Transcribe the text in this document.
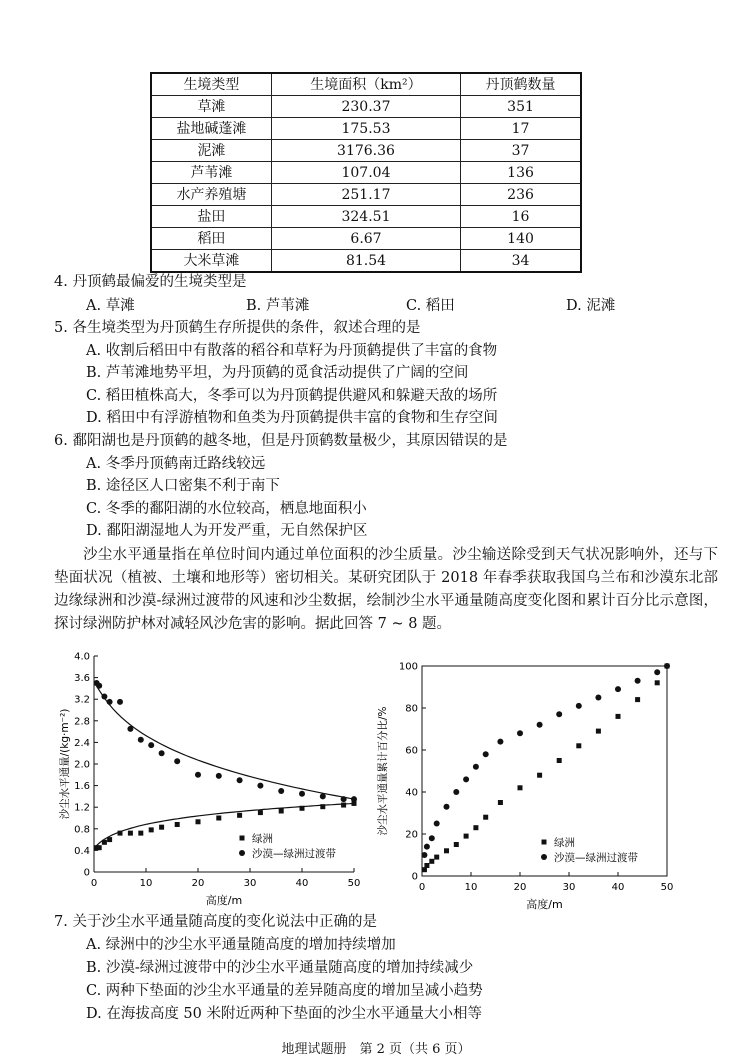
生境类型	生境面积（km²）	丹顶鹤数量
草滩	230.37	351
盐地碱蓬滩	175.53	17
泥滩	3176.36	37
芦苇滩	107.04	136
水产养殖塘	251.17	236
盐田	324.51	16
稻田	6.67	140
大米草滩	81.54	34
4. 丹顶鹤最偏爱的生境类型是
A. 草滩	B. 芦苇滩	C. 稻田	D. 泥滩
5. 各生境类型为丹顶鹤生存所提供的条件，叙述合理的是
A. 收割后稻田中有散落的稻谷和草籽为丹顶鹤提供了丰富的食物
B. 芦苇滩地势平坦，为丹顶鹤的觅食活动提供了广阔的空间
C. 稻田植株高大，冬季可以为丹顶鹤提供避风和躲避天敌的场所
D. 稻田中有浮游植物和鱼类为丹顶鹤提供丰富的食物和生存空间
6. 鄱阳湖也是丹顶鹤的越冬地，但是丹顶鹤数量极少，其原因错误的是
A. 冬季丹顶鹤南迁路线较远
B. 途径区人口密集不利于南下
C. 冬季的鄱阳湖的水位较高，栖息地面积小
D. 鄱阳湖湿地人为开发严重，无自然保护区
沙尘水平通量指在单位时间内通过单位面积的沙尘质量。沙尘输送除受到天气状况影响外，还与下垫面状况（植被、土壤和地形等）密切相关。某研究团队于 2018 年春季获取我国乌兰布和沙漠东北部边缘绿洲和沙漠-绿洲过渡带的风速和沙尘数据，绘制沙尘水平通量随高度变化图和累计百分比示意图，探讨绿洲防护林对减轻风沙危害的影响。据此回答 7 ~ 8 题。
0	10	20	30	40	50
0
0.4
0.8
1.2
1.6
2.0
2.4
2.8
3.2
3.6
4.0
高度/m
沙尘水平通量/(kg·m⁻²)
绿洲
沙漠—绿洲过渡带
0	10	20	30	40	50
0
20
40
60
80
100
高度/m
沙尘水平通量累计百分比/%
绿洲
沙漠—绿洲过渡带
7. 关于沙尘水平通量随高度的变化说法中正确的是
A. 绿洲中的沙尘水平通量随高度的增加持续增加
B. 沙漠-绿洲过渡带中的沙尘水平通量随高度的增加持续减少
C. 两种下垫面的沙尘水平通量的差异随高度的增加呈减小趋势
D. 在海拔高度 50 米附近两种下垫面的沙尘水平通量大小相等
地理试题册　第 2 页（共 6 页）
